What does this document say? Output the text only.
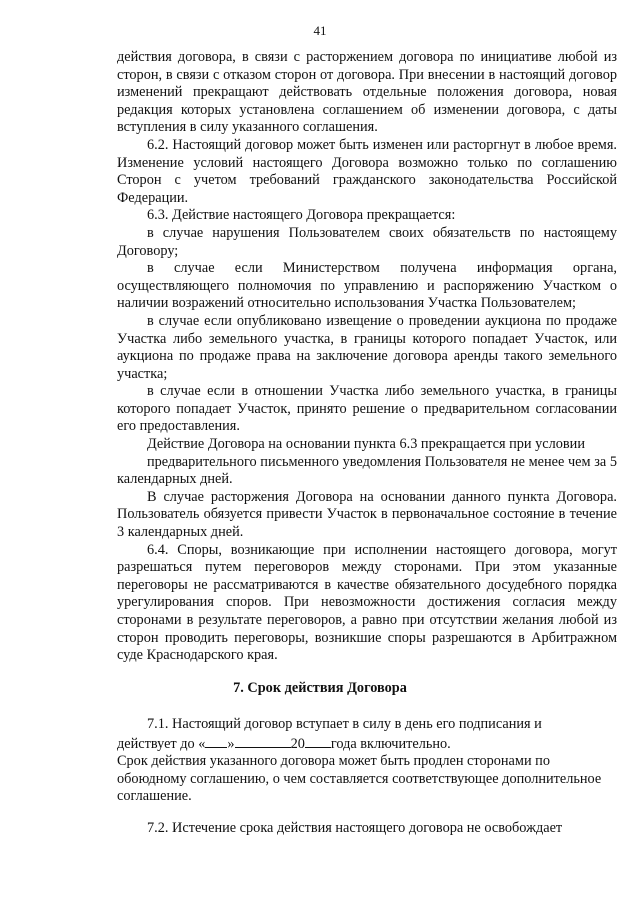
41

действия договора, в связи с расторжением договора по инициативе любой из сторон, в связи с отказом сторон от договора. При внесении в настоящий договор изменений прекращают действовать отдельные положения договора, новая редакция которых установлена соглашением об изменении договора, с даты вступления в силу указанного соглашения.

6.2. Настоящий договор может быть изменен или расторгнут в любое время. Изменение условий настоящего Договора возможно только по соглашению Сторон с учетом требований гражданского законодательства Российской Федерации.

6.3. Действие настоящего Договора прекращается:

в случае нарушения Пользователем своих обязательств по настоящему Договору;

в случае если Министерством получена информация органа, осуществляющего полномочия по управлению и распоряжению Участком о наличии возражений относительно использования Участка Пользователем;

в случае если опубликовано извещение о проведении аукциона по продаже Участка либо земельного участка, в границы которого попадает Участок, или аукциона по продаже права на заключение договора аренды такого земельного участка;

в случае если в отношении Участка либо земельного участка, в границы которого попадает Участок, принято решение о предварительном согласовании его предоставления.

Действие Договора на основании пункта 6.3 прекращается при условии

предварительного письменного уведомления Пользователя не менее чем за 5 календарных дней.

В случае расторжения Договора на основании данного пункта Договора. Пользователь обязуется привести Участок в первоначальное состояние в течение 3 календарных дней.

6.4. Споры, возникающие при исполнении настоящего договора, могут разрешаться путем переговоров между сторонами. При этом указанные переговоры не рассматриваются в качестве обязательного досудебного порядка урегулирования споров. При невозможности достижения согласия между сторонами в результате переговоров, а равно при отсутствии желания любой из сторон проводить переговоры, возникшие споры разрешаются в Арбитражном суде Краснодарского края.

7. Срок действия Договора

7.1. Настоящий договор вступает в силу в день его подписания и

действует до « »	20 года включительно.

Срок действия указанного договора может быть продлен сторонами по обоюдному соглашению, о чем составляется соответствующее дополнительное соглашение.

7.2. Истечение срока действия настоящего договора не освобождает
